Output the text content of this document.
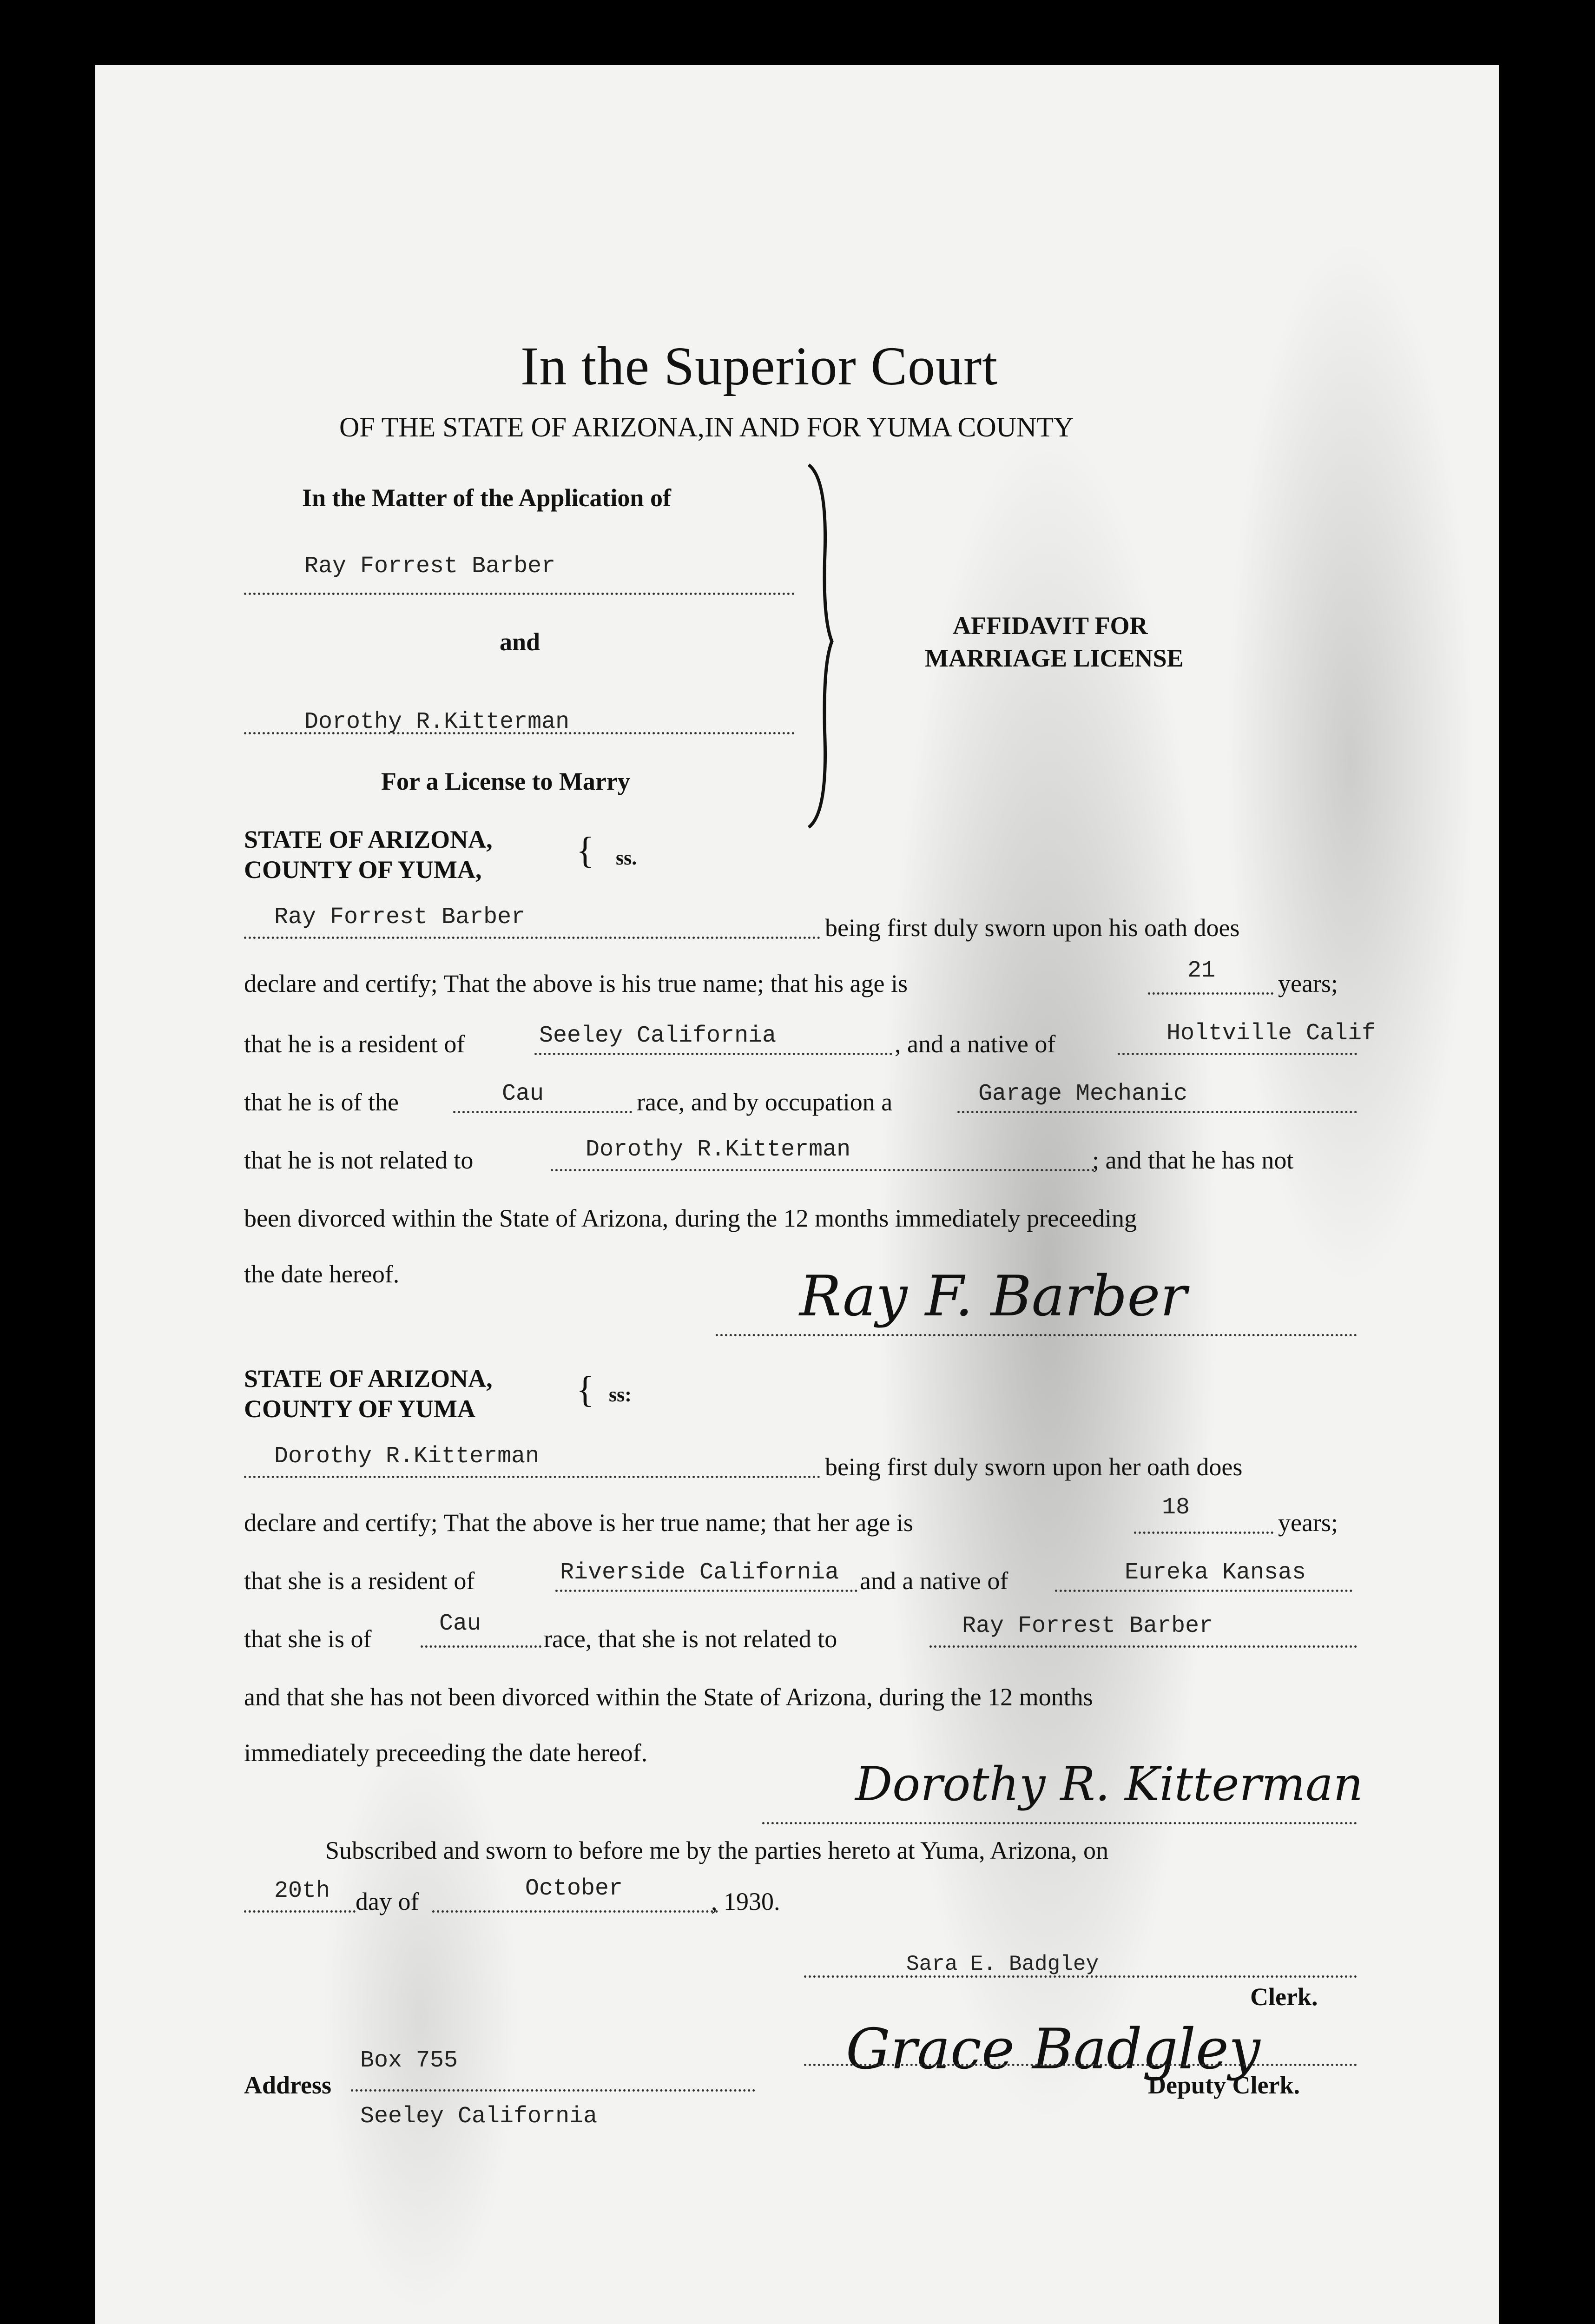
In the Superior Court
OF THE STATE OF ARIZONA,IN AND FOR YUMA COUNTY
In the Matter of the Application of
Ray Forrest Barber
and
Dorothy R.Kitterman
For a License to Marry
AFFIDAVIT FOR
MARRIAGE LICENSE
STATE OF ARIZONA,
COUNTY OF YUMA,	{ ss.
Ray Forrest Barber	being first duly sworn upon his oath does
declare and certify; That the above is his true name; that his age is	21 years;
that he is a resident of	Seeley California	, and a native of	Holtville Calif
that he is of the	Cau	race, and by occupation a	Garage Mechanic
that he is not related to	Dorothy R.Kitterman	; and that he has not
been divorced within the State of Arizona, during the 12 months immediately preceeding
the date hereof.	Ray F. Barber
STATE OF ARIZONA,
COUNTY OF YUMA	{ ss:
Dorothy R.Kitterman	being first duly sworn upon her oath does
declare and certify; That the above is her true name; that her age is
18
years;
that she is a resident of	Riverside California and a native of	Eureka Kansas
that she is of
Cau
race, that she is not related to	Ray Forrest Barber
and that she has not been divorced within the State of Arizona, during the 12 months
immediately preceeding the date hereof.
Dorothy R. Kitterman
Subscribed and sworn to before me by the parties hereto at Yuma, Arizona, on
20th day of	October	, 1930.
Sara E. Badgley
Clerk.
Grace Badgley
Deputy Clerk.
Address
Box 755
Seeley California
